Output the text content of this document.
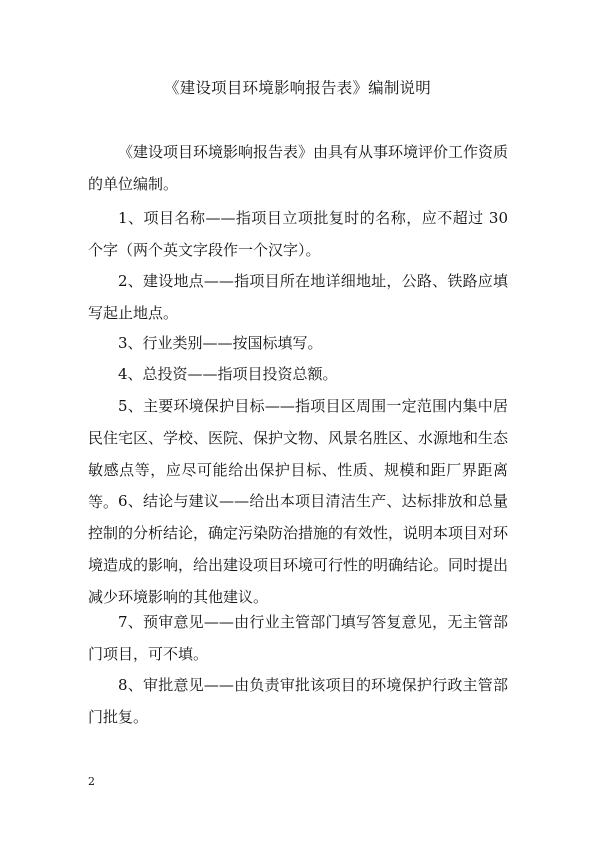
《建设项目环境影响报告表》编制说明

《建设项目环境影响报告表》由具有从事环境评价工作资质的单位编制。

1、项目名称——指项目立项批复时的名称，应不超过 30 个字（两个英文字段作一个汉字）。

2、建设地点——指项目所在地详细地址，公路、铁路应填写起止地点。

3、行业类别——按国标填写。

4、总投资——指项目投资总额。

5、主要环境保护目标——指项目区周围一定范围内集中居民住宅区、学校、医院、保护文物、风景名胜区、水源地和生态敏感点等，应尽可能给出保护目标、性质、规模和距厂界距离等。 6、结论与建议——给出本项目清洁生产、达标排放和总量控制的分析结论，确定污染防治措施的有效性，说明本项目对环境造成的影响，给出建设项目环境可行性的明确结论。同时提出减少环境影响的其他建议。

7、预审意见——由行业主管部门填写答复意见，无主管部门项目，可不填。

8、审批意见——由负责审批该项目的环境保护行政主管部门批复。

2
